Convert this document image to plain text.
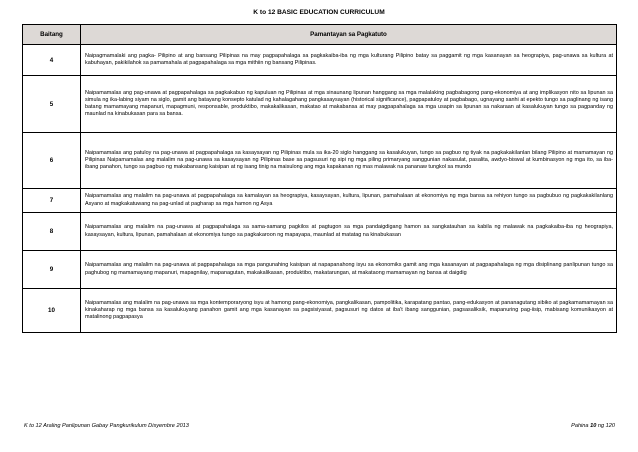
K to 12 BASIC EDUCATION CURRICULUM
Baitang	Pamantayan sa Pagkatuto
4	Naipagmamalaki ang pagka- Pilipino at ang bansang Pilipinas na may pagpapahalaga sa pagkakaiba-iba ng mga kulturang Pilipino batay sa paggamit ng mga kasanayan sa heograpiya, pag-unawa sa kultura at kabuhayan, pakikilahok sa pamamahala at pagpapahalaga sa mga mithiin ng bansang Pilipinas.
5	Naipamamalas ang pag-unawa at pagpapahalaga sa pagkakabuo ng kapuluan ng Pilipinas at mga sinaunang lipunan hanggang sa mga malalaking pagbabagong pang-ekonomiya at ang implikasyon nito sa lipunan sa simula ng ika-labing siyam na siglo, gamit ang batayang konsepto katulad ng kahalagahang pangkasaysayan (historical significance), pagpapatuloy at pagbabago, ugnayang sanhi at epekto tungo sa paglinang ng isang batang mamamayang mapanuri, mapagmuni, responsable, produktibo, makakalikasan, makatao at makabansa at may pagpapahalaga sa mga usapin sa lipunan sa nakaraan at kasalukuyan tungo sa pagpanday ng maunlad na kinabukasan para sa bansa.
6	Naipamamalas ang patuloy na pag-unawa at pagpapahalaga sa kasaysayan ng Pilipinas mula sa ika-20 siglo hanggang sa kasalukuyan, tungo sa pagbuo ng tiyak na pagkakakilanlan bilang Pilipino at mamamayan ng Pilipinas Naipamamalas ang malalim na pag-unawa sa kasaysayan ng Pilipinas base sa pagsusuri ng sipi ng mga piling primaryang sanggunian nakasulat, pasalita, awdyo-biswal at kumbinasyon ng mga ito, sa iba-ibang panahon, tungo sa pagbuo ng makabansang kaisipan at ng isang tinig na maisulong ang mga kapakanan ng mas malawak na pananaw tungkol sa mundo
7	Naipamamalas ang malalim na pag-unawa at pagpapahalaga sa kamalayan sa heograpiya, kasaysayan, kultura, lipunan, pamahalaan at ekonomiya ng mga bansa sa rehiyon tungo sa pagbubuo ng pagkakakilanlang Asyano at magkakatuwang na pag-unlad at pagharap sa mga hamon ng Asya
8	Naipamamalas ang malalim na pag-unawa at pagpapahalaga sa sama-samang pagkilos at pagtugon sa mga pandaigdigang hamon sa sangkatauhan sa kabila ng malawak na pagkakaiba-iba ng heograpiya, kasaysayan, kultura, lipunan, pamahalaan at ekonomiya tungo sa pagkakaroon ng mapayapa, maunlad at matatag na kinabukasan
9	Naipamamalas ang malalim na pag-unawa at pagpapahalaga sa mga pangunahing kaisipan at napapanahong isyu sa ekonomiks gamit ang mga kasanayan at pagpapahalaga ng mga disiplinang panlipunan tungo sa paghubog ng mamamayang mapanuri, mapagnilay, mapanagutan, makakalikasan, produktibo, makatarungan, at makataong mamamayan ng bansa at daigdig
10	Naipamamalas ang malalim na pag-unawa sa mga kontemporaryong isyu at hamong pang-ekonomiya, pangkalikasan, pampolitika, karapatang pantao, pang-edukasyon at pananagutang sibiko at pagkamamamayan sa kinakaharap ng mga bansa sa kasalukuyang panahon gamit ang mga kasanayan sa pagsisiyasat, pagsusuri ng datos at iba't ibang sanggunian, pagsasaliksik, mapanuring pag-iisip, mabisang komunikasyon at matalinong pagpapasya
K to 12 Araling Panlipunan Gabay Pangkurikulum Disyembre 2013	Pahina 10 ng 120
